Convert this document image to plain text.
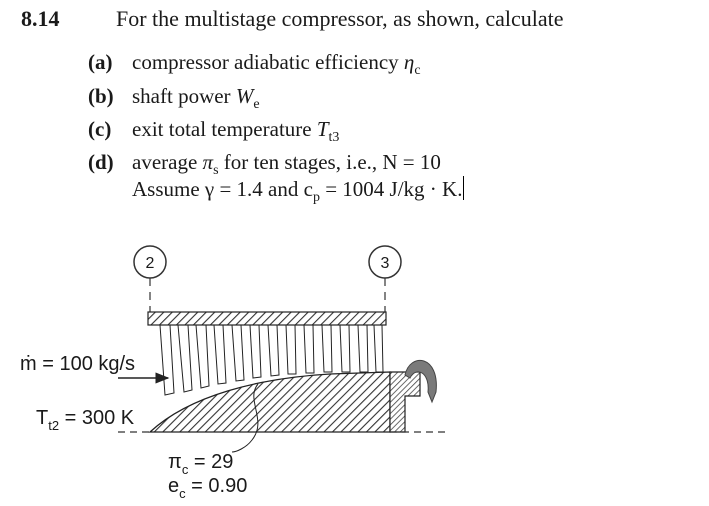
8.14	For the multistage compressor, as shown, calculate
(a) compressor adiabatic efficiency $\eta_c$
(b) shaft power $W_e$
(c) exit total temperature $T_{t3}$
(d) average $\pi_s$ for ten stages, i.e., N = 10
Assume γ = 1.4 and $c_p = 1004$ J/kg · K.
2	3
ṁ = 100 kg/s
$T_{t2} = 300$ K
$\pi_c = 29$
$e_c = 0.90$
